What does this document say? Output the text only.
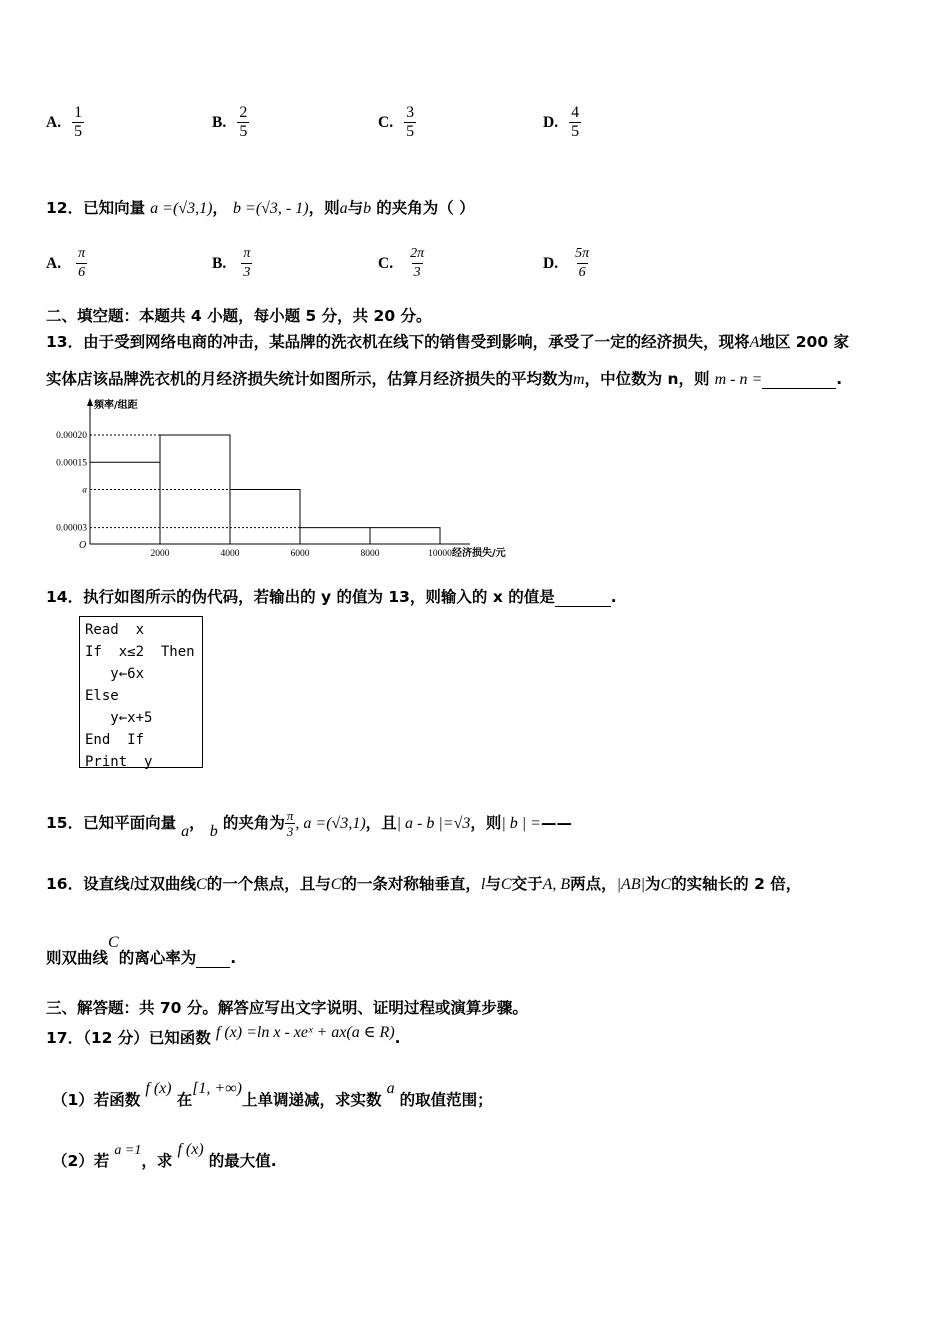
A. $\frac{1}{5}$	B. $\frac{2}{5}$	C. $\frac{3}{5}$	D. $\frac{4}{5}$
12．已知向量 a =(√3,1)， b =(√3, - 1)，则a与b 的夹角为（ ）
A. $\frac{\pi}{6}$	B. $\frac{\pi}{3}$	C. $\frac{2\pi}{3}$	D. $\frac{5\pi}{6}$
二、填空题：本题共 4 小题，每小题 5 分，共 20 分。
13．由于受到网络电商的冲击，某品牌的洗衣机在线下的销售受到影响，承受了一定的经济损失，现将A地区 200 家
实体店该品牌洗衣机的月经济损失统计如图所示，估算月经济损失的平均数为m，中位数为 n，则 m - n =	.
频率/组距
经济损失/元
O
0.00020
0.00015
a
0.00003
2000	4000	6000	8000	10000
14．执行如图所示的伪代码，若输出的 y 的值为 13，则输入的 x 的值是	.
Read  x
If  x≤2  Then
y←6x
Else
y←x+5
End  If
Print  y
15．已知平面向量 a， b 的夹角为 $\frac{\pi}{3}$ , a =(√3,1)，且| a - b |=√3，则| b | =——
16．设直线l过双曲线C的一个焦点，且与C的一条对称轴垂直，l与C交于A, B两点，|AB|为C的实轴长的 2 倍，
则双曲线C的离心率为 .
三、解答题：共 70 分。解答应写出文字说明、证明过程或演算步骤。
17．（12 分）已知函数 f (x) =ln x - xeˣ + ax(a ∈ R).
（1）若函数 f (x) 在[1, +∞)上单调递减，求实数 a 的取值范围；
（2）若 a =1，求 f (x) 的最大值.
